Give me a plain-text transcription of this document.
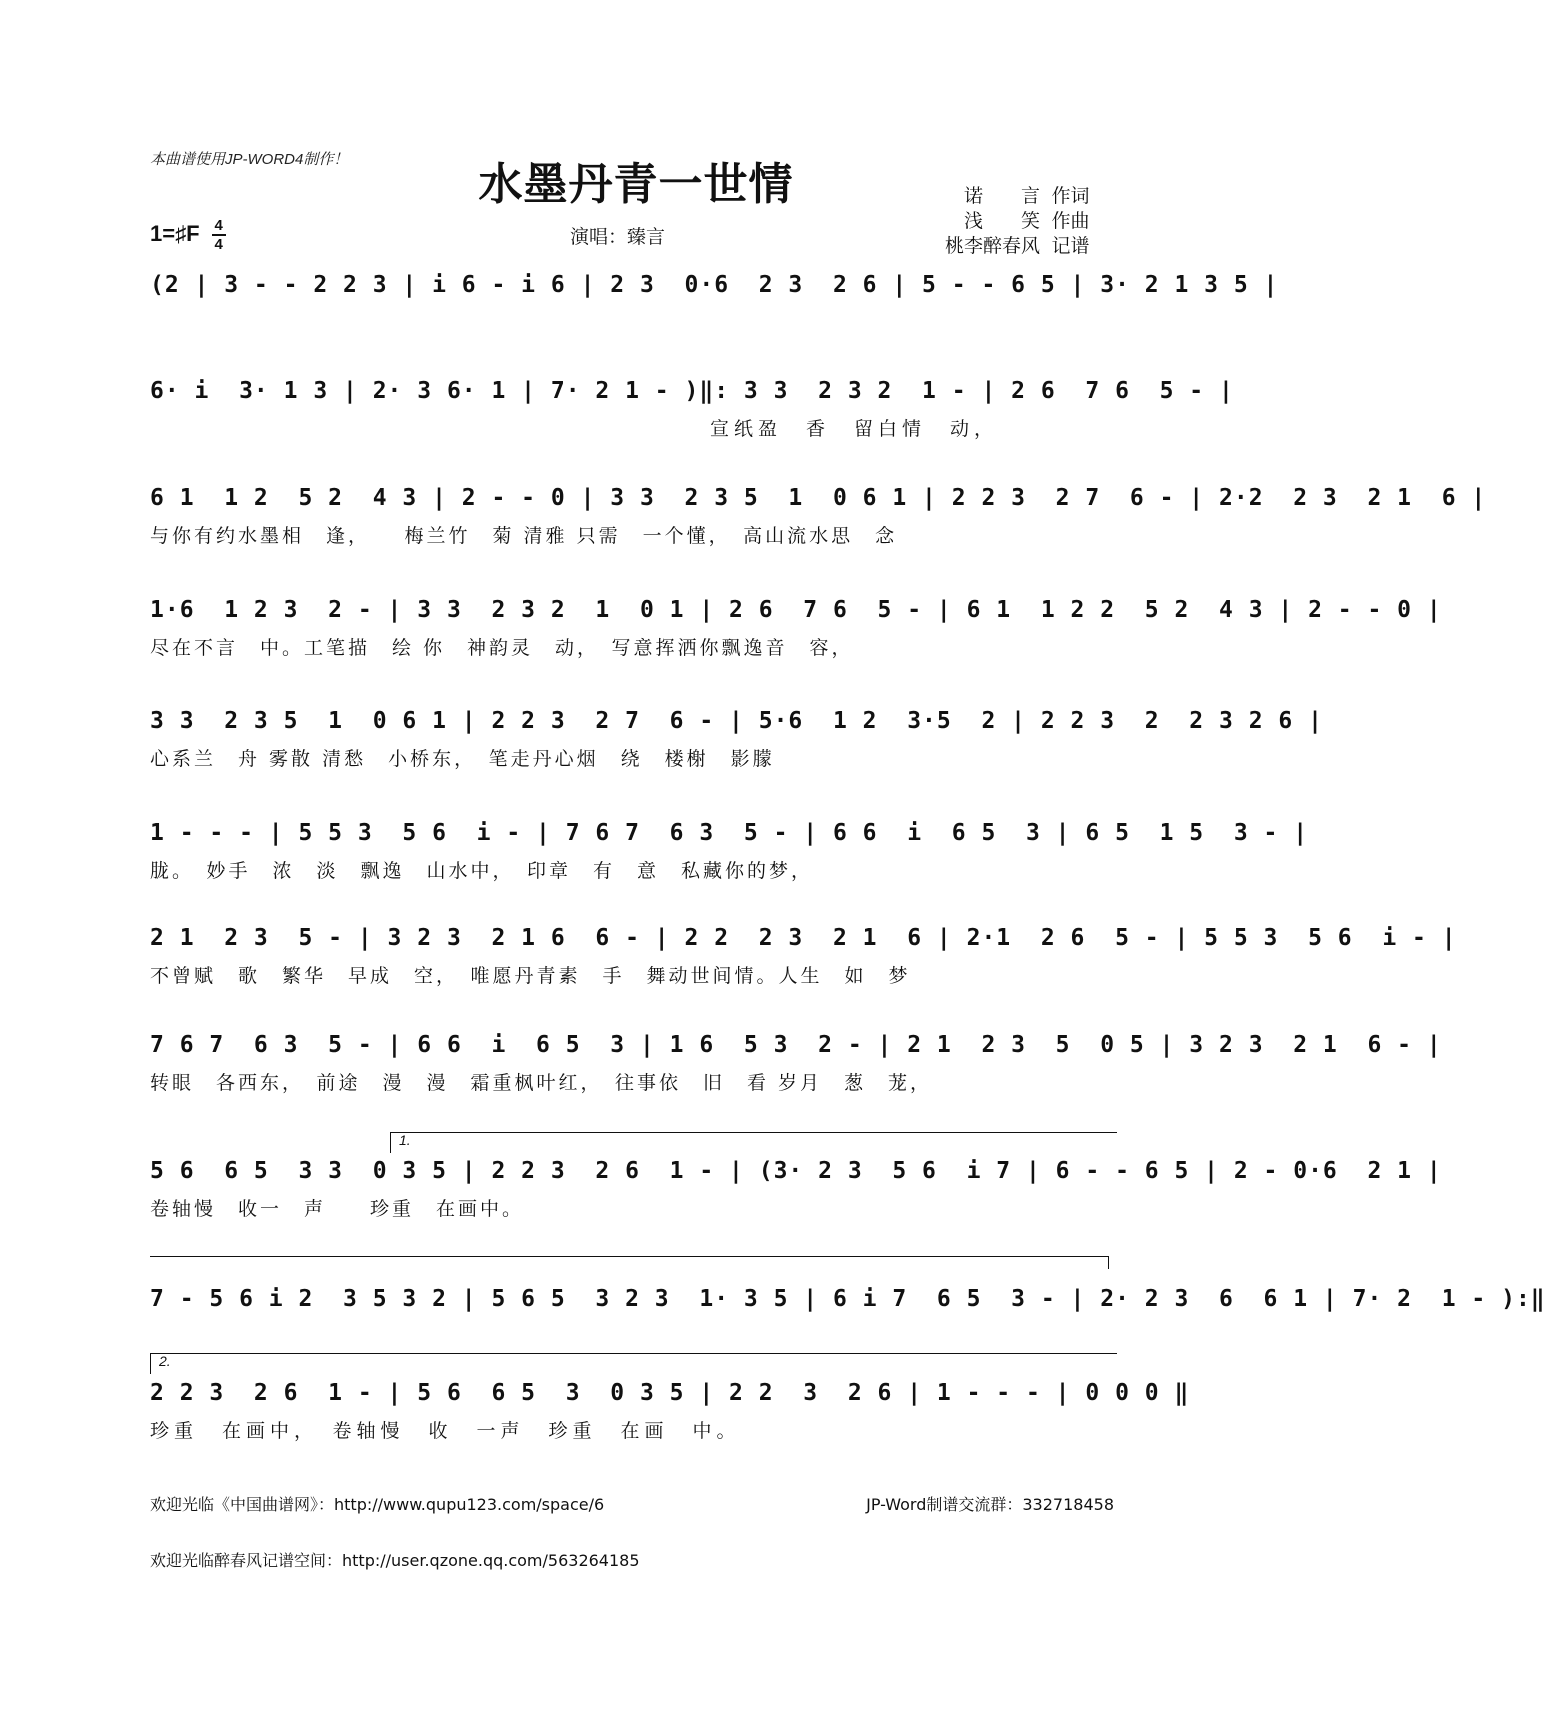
本曲谱使用JP-WORD4制作！	水墨丹青一世情	诺　　言 作词
浅　　笑 作曲
桃李醉春风 记谱
1=♯F $\frac{4}{4}$	演唱：臻言
(2 | 3 - - 2 2 3 | i 6 - i 6 | 2 3  0·6  2 3  2 6 | 5 - - 6 5 | 3· 2 1 3 5 |
6· i  3· 1 3 | 2· 3 6· 1 | 7· 2 1 - )‖: 3 3  2 3 2  1 - | 2 6  7 6  5 - |
宣纸盈　香　留白情　动，
6 1  1 2  5 2  4 3 | 2 - - 0 | 3 3  2 3 5  1  0 6 1 | 2 2 3  2 7  6 - | 2·2  2 3  2 1  6 |
与你有约水墨相　逢，　　梅兰竹　菊 清雅 只需　一个懂，　高山流水思　念
1·6  1 2 3  2 - | 3 3  2 3 2  1  0 1 | 2 6  7 6  5 - | 6 1  1 2 2  5 2  4 3 | 2 - - 0 |
尽在不言　中。工笔描　绘 你　神韵灵　动，　写意挥洒你飘逸音　容，
3 3  2 3 5  1  0 6 1 | 2 2 3  2 7  6 - | 5·6  1 2  3·5  2 | 2 2 3  2  2 3 2 6 |
心系兰　舟 雾散 清愁　小桥东，　笔走丹心烟　绕　楼榭　影朦
1 - - - | 5 5 3  5 6  i - | 7 6 7  6 3  5 - | 6 6  i  6 5  3 | 6 5  1 5  3 - |
胧。　妙手　浓　淡　飘逸　山水中，　印章　有　意　私藏你的梦，
2 1  2 3  5 - | 3 2 3  2 1 6  6 - | 2 2  2 3  2 1  6 | 2·1  2 6  5 - | 5 5 3  5 6  i - |
不曾赋　歌　繁华　早成　空，　唯愿丹青素　手　舞动世间情。人生　如　梦
7 6 7  6 3  5 - | 6 6  i  6 5  3 | 1 6  5 3  2 - | 2 1  2 3  5  0 5 | 3 2 3  2 1  6 - |
转眼　各西东，　前途　漫　漫　霜重枫叶红，　往事依　旧　看 岁月　葱　茏，
1.
5 6  6 5  3 3  0 3 5 | 2 2 3  2 6  1 - | (3· 2 3  5 6  i 7 | 6 - - 6 5 | 2 - 0·6  2 1 |
卷轴慢　收一　声　　珍重　在画中。
7 - 5 6 i 2  3 5 3 2 | 5 6 5  3 2 3  1· 3 5 | 6 i 7  6 5  3 - | 2· 2 3  6  6 1 | 7· 2  1 - ):‖
2.
2 2 3  2 6  1 - | 5 6  6 5  3  0 3 5 | 2 2  3  2 6 | 1 - - - | 0 0 0 ‖
珍重　在画中，　卷轴慢　收　一声　珍重　在画　中。
欢迎光临《中国曲谱网》：http://www.qupu123.com/space/6	JP-Word制谱交流群：332718458
欢迎光临醉春风记谱空间：http://user.qzone.qq.com/563264185
